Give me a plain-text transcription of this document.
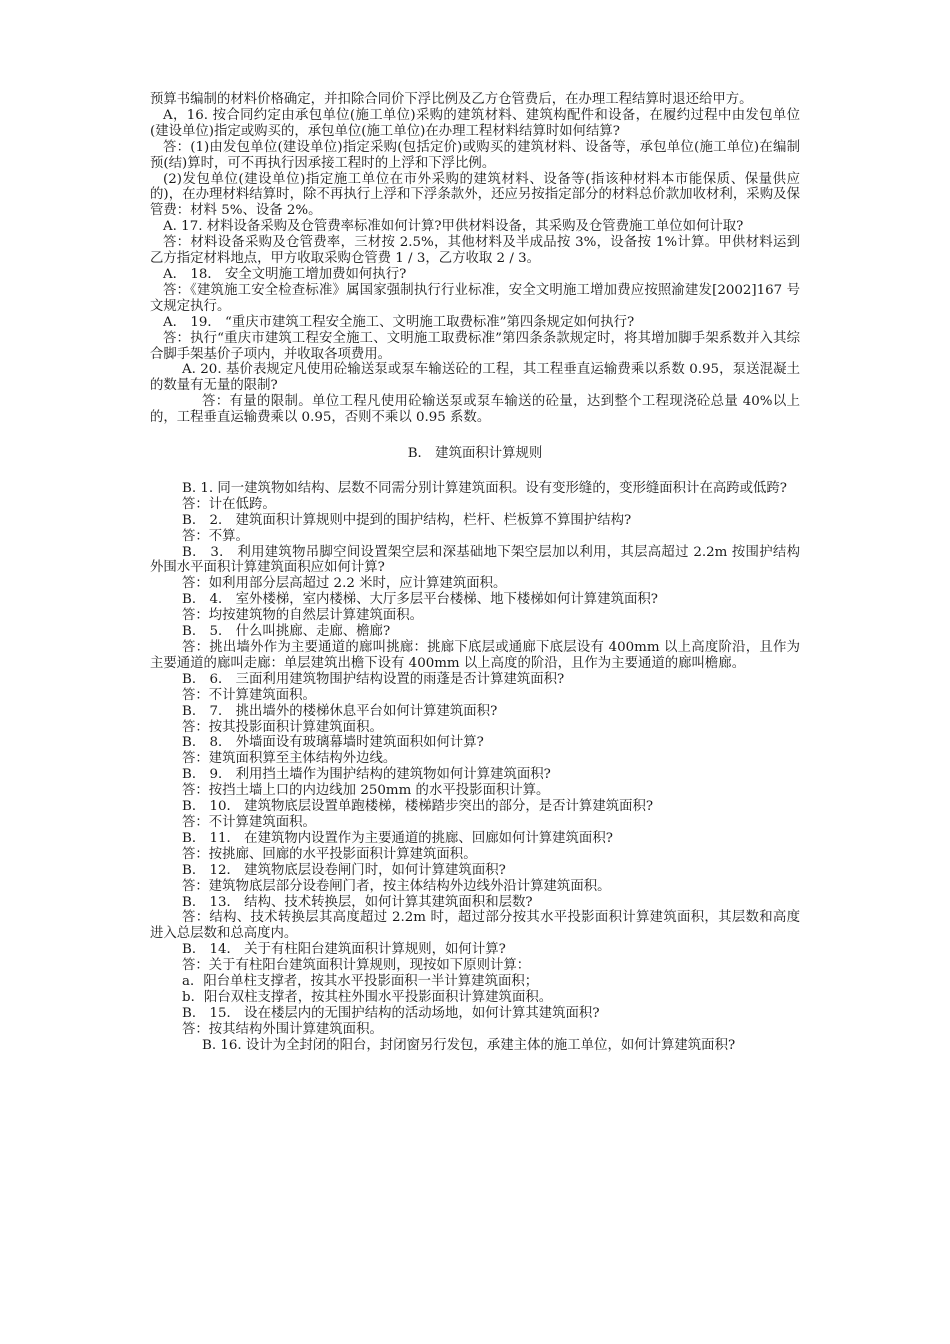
预算书编制的材料价格确定，并扣除合同价下浮比例及乙方仓管费后，在办理工程结算时退还给甲方。

A，16. 按合同约定由承包单位(施工单位)采购的建筑材料、建筑构配件和设备，在履约过程中由发包单位(建设单位)指定或购买的，承包单位(施工单位)在办理工程材料结算时如何结算?

答：(1)由发包单位(建设单位)指定采购(包括定价)或购买的建筑材料、设备等，承包单位(施工单位)在编制预(结)算时，可不再执行因承接工程时的上浮和下浮比例。

(2)发包单位(建设单位)指定施工单位在市外采购的建筑材料、设备等(指该种材料本市能保质、保量供应的)，在办理材料结算时，除不再执行上浮和下浮条款外，还应另按指定部分的材料总价款加收材利，采购及保管费：材料 5%、设备 2%。

A. 17. 材料设备采购及仓管费率标准如何计算?甲供材料设备，其采购及仓管费施工单位如何计取?

答：材料设备采购及仓管费率，三材按 2.5%，其他材料及半成品按 3%，设备按 1%计算。甲供材料运到乙方指定材料地点，甲方收取采购仓管费 1 / 3，乙方收取 2 / 3。

A． 18． 安全文明施工增加费如何执行?

答：《建筑施工安全检查标准》属国家强制执行行业标准，安全文明施工增加费应按照渝建发[2002]167 号文规定执行。

A． 19． “重庆市建筑工程安全施工、文明施工取费标准”第四条规定如何执行?

答：执行“重庆市建筑工程安全施工、文明施工取费标准”第四条条款规定时，将其增加脚手架系数并入其综合脚手架基价子项内，并收取各项费用。

A. 20. 基价表规定凡使用砼输送泵或泵车输送砼的工程，其工程垂直运输费乘以系数 0.95，泵送混凝土的数量有无量的限制?

答：有量的限制。单位工程凡使用砼输送泵或泵车输送的砼量，达到整个工程现浇砼总量 40%以上的，工程垂直运输费乘以 0.95，否则不乘以 0.95 系数。

B． 建筑面积计算规则

B. 1. 同一建筑物如结构、层数不同需分别计算建筑面积。设有变形缝的，变形缝面积计在高跨或低跨?

答：计在低跨。

B． 2． 建筑面积计算规则中提到的围护结构，栏杆、栏板算不算围护结构?

答：不算。

B． 3． 利用建筑物吊脚空间设置架空层和深基础地下架空层加以利用，其层高超过 2.2m 按围护结构外围水平面积计算建筑面积应如何计算?

答：如利用部分层高超过 2.2 米时，应计算建筑面积。

B． 4． 室外楼梯，室内楼梯、大厅多层平台楼梯、地下楼梯如何计算建筑面积?

答：均按建筑物的自然层计算建筑面积。

B． 5． 什么叫挑廊、走廊、檐廊?

答：挑出墙外作为主要通道的廊叫挑廊：挑廊下底层或通廊下底层设有 400mm 以上高度阶沿，且作为主要通道的廊叫走廊：单层建筑出檐下设有 400mm 以上高度的阶沿，且作为主要通道的廊叫檐廊。

B． 6． 三面利用建筑物围护结构设置的雨蓬是否计算建筑面积?

答：不计算建筑面积。

B． 7． 挑出墙外的楼梯休息平台如何计算建筑面积?

答：按其投影面积计算建筑面积。

B． 8． 外墙面设有玻璃幕墙时建筑面积如何计算?

答：建筑面积算至主体结构外边线。

B． 9． 利用挡土墙作为围护结构的建筑物如何计算建筑面积?

答：按挡土墙上口的内边线加 250mm 的水平投影面积计算。

B． 10． 建筑物底层设置单跑楼梯，楼梯踏步突出的部分，是否计算建筑面积?

答：不计算建筑面积。

B． 11． 在建筑物内设置作为主要通道的挑廊、回廊如何计算建筑面积?

答：按挑廊、回廊的水平投影面积计算建筑面积。

B． 12． 建筑物底层设卷闸门时，如何计算建筑面积?

答：建筑物底层部分设卷闸门者，按主体结构外边线外沿计算建筑面积。

B． 13． 结构、技术转换层，如何计算其建筑面积和层数?

答：结构、技术转换层其高度超过 2.2m 时，超过部分按其水平投影面积计算建筑面积，其层数和高度进入总层数和总高度内。

B． 14． 关于有柱阳台建筑面积计算规则，如何计算?

答：关于有柱阳台建筑面积计算规则，现按如下原则计算：

a．阳台单柱支撑者，按其水平投影面积一半计算建筑面积；

b．阳台双柱支撑者，按其柱外围水平投影面积计算建筑面积。

B． 15． 设在楼层内的无围护结构的活动场地，如何计算其建筑面积?

答：按其结构外围计算建筑面积。

B. 16. 设计为全封闭的阳台，封闭窗另行发包，承建主体的施工单位，如何计算建筑面积?
